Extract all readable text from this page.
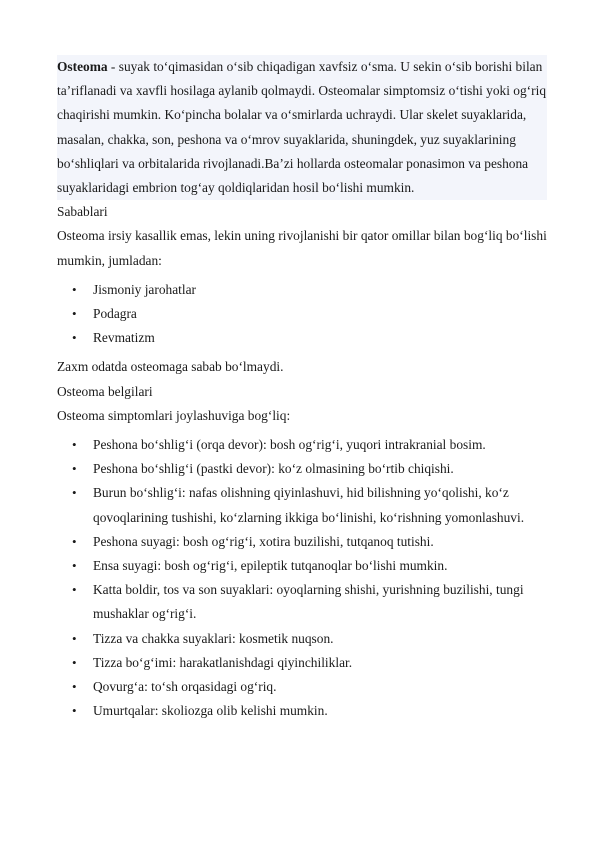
Osteoma - suyak to‘qimasidan o‘sib chiqadigan xavfsiz o‘sma. U sekin o‘sib borishi bilan ta’riflanadi va xavfli hosilaga aylanib qolmaydi. Osteomalar simptomsiz o‘tishi yoki og‘riq chaqirishi mumkin. Ko‘pincha bolalar va o‘smirlarda uchraydi. Ular skelet suyaklarida, masalan, chakka, son, peshona va o‘mrov suyaklarida, shuningdek, yuz suyaklarining bo‘shliqlari va orbitalarida rivojlanadi.Ba’zi hollarda osteomalar ponasimon va peshona suyaklaridagi embrion tog‘ay qoldiqlaridan hosil bo‘lishi mumkin.

Sabablari

Osteoma irsiy kasallik emas, lekin uning rivojlanishi bir qator omillar bilan bog‘liq bo‘lishi mumkin, jumladan:

• Jismoniy jarohatlar
• Podagra
• Revmatizm

Zaxm odatda osteomaga sabab bo‘lmaydi.

Osteoma belgilari

Osteoma simptomlari joylashuviga bog‘liq:

• Peshona bo‘shlig‘i (orqa devor): bosh og‘rig‘i, yuqori intrakranial bosim.
• Peshona bo‘shlig‘i (pastki devor): ko‘z olmasining bo‘rtib chiqishi.
• Burun bo‘shlig‘i: nafas olishning qiyinlashuvi, hid bilishning yo‘qolishi, ko‘z qovoqlarining tushishi, ko‘zlarning ikkiga bo‘linishi, ko‘rishning yomonlashuvi.
• Peshona suyagi: bosh og‘rig‘i, xotira buzilishi, tutqanoq tutishi.
• Ensa suyagi: bosh og‘rig‘i, epileptik tutqanoqlar bo‘lishi mumkin.
• Katta boldir, tos va son suyaklari: oyoqlarning shishi, yurishning buzilishi, tungi mushaklar og‘rig‘i.
• Tizza va chakka suyaklari: kosmetik nuqson.
• Tizza bo‘g‘imi: harakatlanishdagi qiyinchiliklar.
• Qovurg‘a: to‘sh orqasidagi og‘riq.
• Umurtqalar: skoliozga olib kelishi mumkin.
